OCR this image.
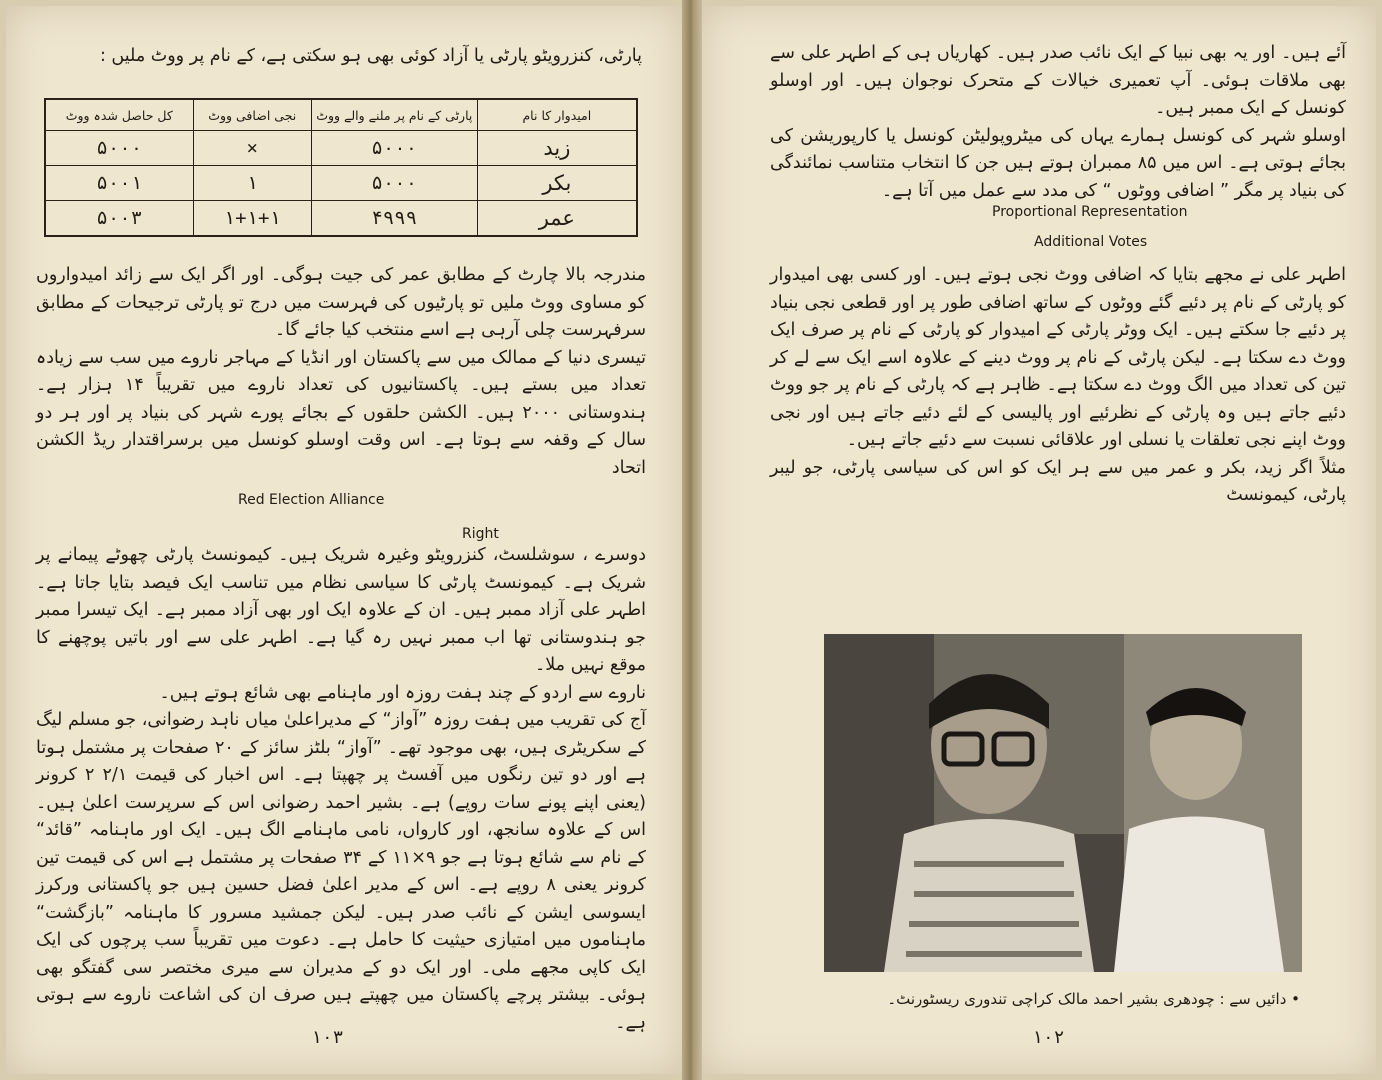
پارٹی، کنزرویٹو پارٹی یا آزاد کوئی بھی ہو سکتی ہے، کے نام پر ووٹ ملیں :
امیدوار کا نام	پارٹی کے نام پر ملنے والے ووٹ	نجی اضافی ووٹ	کل حاصل شدہ ووٹ
زید	۵۰۰۰	×	۵۰۰۰
بکر	۵۰۰۰	۱	۵۰۰۱
عمر	۴۹۹۹	۱+۱+۱	۵۰۰۳

مندرجہ بالا چارٹ کے مطابق عمر کی جیت ہوگی۔ اور اگر ایک سے زائد امیدواروں کو مساوی ووٹ ملیں تو پارٹیوں کی فہرست میں درج تو پارٹی ترجیحات کے مطابق سرفہرست چلی آرہی ہے اسے منتخب کیا جائے گا۔

تیسری دنیا کے ممالک میں سے پاکستان اور انڈیا کے مہاجر ناروے میں سب سے زیادہ تعداد میں بستے ہیں۔ پاکستانیوں کی تعداد ناروے میں تقریباً ۱۴ ہزار ہے۔ ہندوستانی ۲۰۰۰ ہیں۔ الکشن حلقوں کے بجائے پورے شہر کی بنیاد پر اور ہر دو سال کے وقفہ سے ہوتا ہے۔ اس وقت اوسلو کونسل میں برسراقتدار ریڈ الکشن اتحاد

Red Election Alliance
Right

دوسرے ، سوشلسٹ، کنزرویٹو وغیرہ شریک ہیں۔ کیمونسٹ پارٹی چھوٹے پیمانے پر شریک ہے۔ کیمونسٹ پارٹی کا سیاسی نظام میں تناسب ایک فیصد بتایا جاتا ہے۔ اطہر علی آزاد ممبر ہیں۔ ان کے علاوہ ایک اور بھی آزاد ممبر ہے۔ ایک تیسرا ممبر جو ہندوستانی تھا اب ممبر نہیں رہ گیا ہے۔ اطہر علی سے اور باتیں پوچھنے کا موقع نہیں ملا۔

ناروے سے اردو کے چند ہفت روزہ اور ماہنامے بھی شائع ہوتے ہیں۔

آج کی تقریب میں ہفت روزہ ”آواز“ کے مدیراعلیٰ میاں ناہد رضوانی، جو مسلم لیگ کے سکریٹری ہیں، بھی موجود تھے۔ ”آواز“ بلٹز سائز کے ۲۰ صفحات پر مشتمل ہوتا ہے اور دو تین رنگوں میں آفسٹ پر چھپتا ہے۔ اس اخبار کی قیمت ۲/۱ ۲ کرونر (یعنی اپنے پونے سات روپے) ہے۔ بشیر احمد رضوانی اس کے سرپرست اعلیٰ ہیں۔ اس کے علاوہ سانجھ، اور کارواں، نامی ماہنامے الگ ہیں۔ ایک اور ماہنامہ ”قائد“ کے نام سے شائع ہوتا ہے جو ۹×۱۱ کے ۳۴ صفحات پر مشتمل ہے اس کی قیمت تین کرونر یعنی ۸ روپے ہے۔ اس کے مدیر اعلیٰ فضل حسین ہیں جو پاکستانی ورکرز ایسوسی ایشن کے نائب صدر ہیں۔ لیکن جمشید مسرور کا ماہنامہ ”بازگشت“ ماہناموں میں امتیازی حیثیت کا حامل ہے۔ دعوت میں تقریباً سب پرچوں کی ایک ایک کاپی مجھے ملی۔ اور ایک دو کے مدیران سے میری مختصر سی گفتگو بھی ہوئی۔ بیشتر پرچے پاکستان میں چھپتے ہیں صرف ان کی اشاعت ناروے سے ہوتی ہے۔

۱۰۳

آئے ہیں۔ اور یہ بھی نبیا کے ایک نائب صدر ہیں۔ کھاریاں ہی کے اطہر علی سے بھی ملاقات ہوئی۔ آپ تعمیری خیالات کے متحرک نوجوان ہیں۔ اور اوسلو کونسل کے ایک ممبر ہیں۔

اوسلو شہر کی کونسل ہمارے یہاں کی میٹروپولیٹن کونسل یا کارپوریشن کی بجائے ہوتی ہے۔ اس میں ۸۵ ممبران ہوتے ہیں جن کا انتخاب متناسب نمائندگی کی بنیاد پر مگر ” اضافی ووٹوں “ کی مدد سے عمل میں آتا ہے۔

Proportional Representation
Additional Votes

اطہر علی نے مجھے بتایا کہ اضافی ووٹ نجی ہوتے ہیں۔ اور کسی بھی امیدوار کو پارٹی کے نام پر دئیے گئے ووٹوں کے ساتھ اضافی طور پر اور قطعی نجی بنیاد پر دئیے جا سکتے ہیں۔ ایک ووٹر پارٹی کے امیدوار کو پارٹی کے نام پر صرف ایک ووٹ دے سکتا ہے۔ لیکن پارٹی کے نام پر ووٹ دینے کے علاوہ اسے ایک سے لے کر تین کی تعداد میں الگ ووٹ دے سکتا ہے۔ ظاہر ہے کہ پارٹی کے نام پر جو ووٹ دئیے جاتے ہیں وہ پارٹی کے نظرئیے اور پالیسی کے لئے دئیے جاتے ہیں اور نجی ووٹ اپنے نجی تعلقات یا نسلی اور علاقائی نسبت سے دئیے جاتے ہیں۔

مثلاً اگر زید، بکر و عمر میں سے ہر ایک کو اس کی سیاسی پارٹی، جو لیبر پارٹی، کیمونسٹ

• دائیں سے : چودھری بشیر احمد مالک کراچی تندوری ریسٹورنٹ۔
۱۰۲
